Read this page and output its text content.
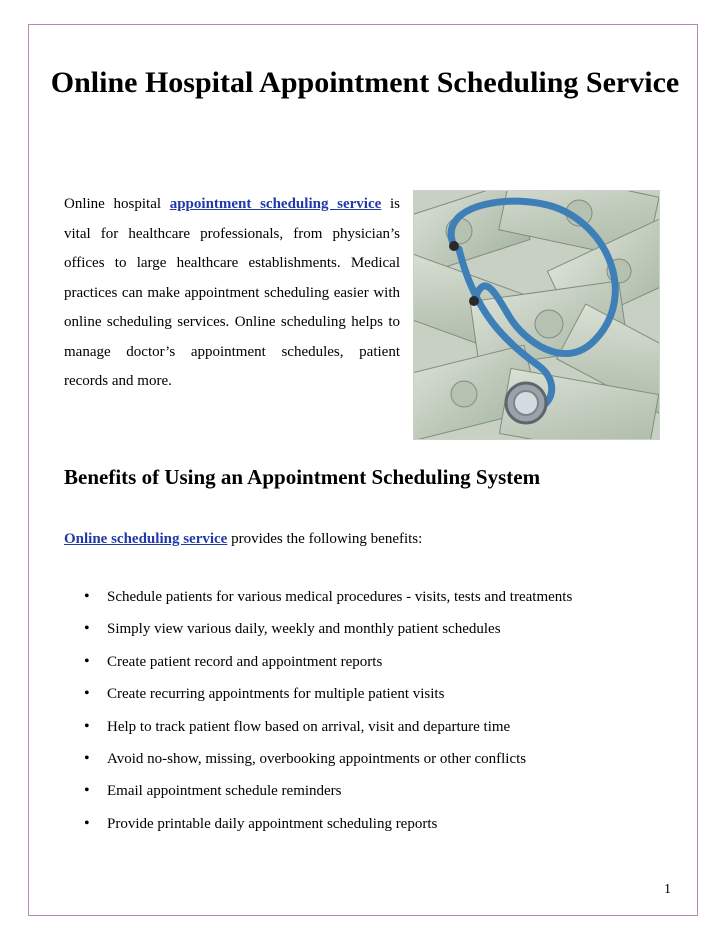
Online Hospital Appointment Scheduling Service

Online hospital appointment scheduling service is vital for healthcare professionals, from physician’s offices to large healthcare establishments. Medical practices can make appointment scheduling easier with online scheduling services. Online scheduling helps to manage doctor’s appointment schedules, patient records and more.

Benefits of Using an Appointment Scheduling System

Online scheduling service provides the following benefits:

• Schedule patients for various medical procedures - visits, tests and treatments
• Simply view various daily, weekly and monthly patient schedules
• Create patient record and appointment reports
• Create recurring appointments for multiple patient visits
• Help to track patient flow based on arrival, visit and departure time
• Avoid no-show, missing, overbooking appointments or other conflicts
• Email appointment schedule reminders
• Provide printable daily appointment scheduling reports
1
